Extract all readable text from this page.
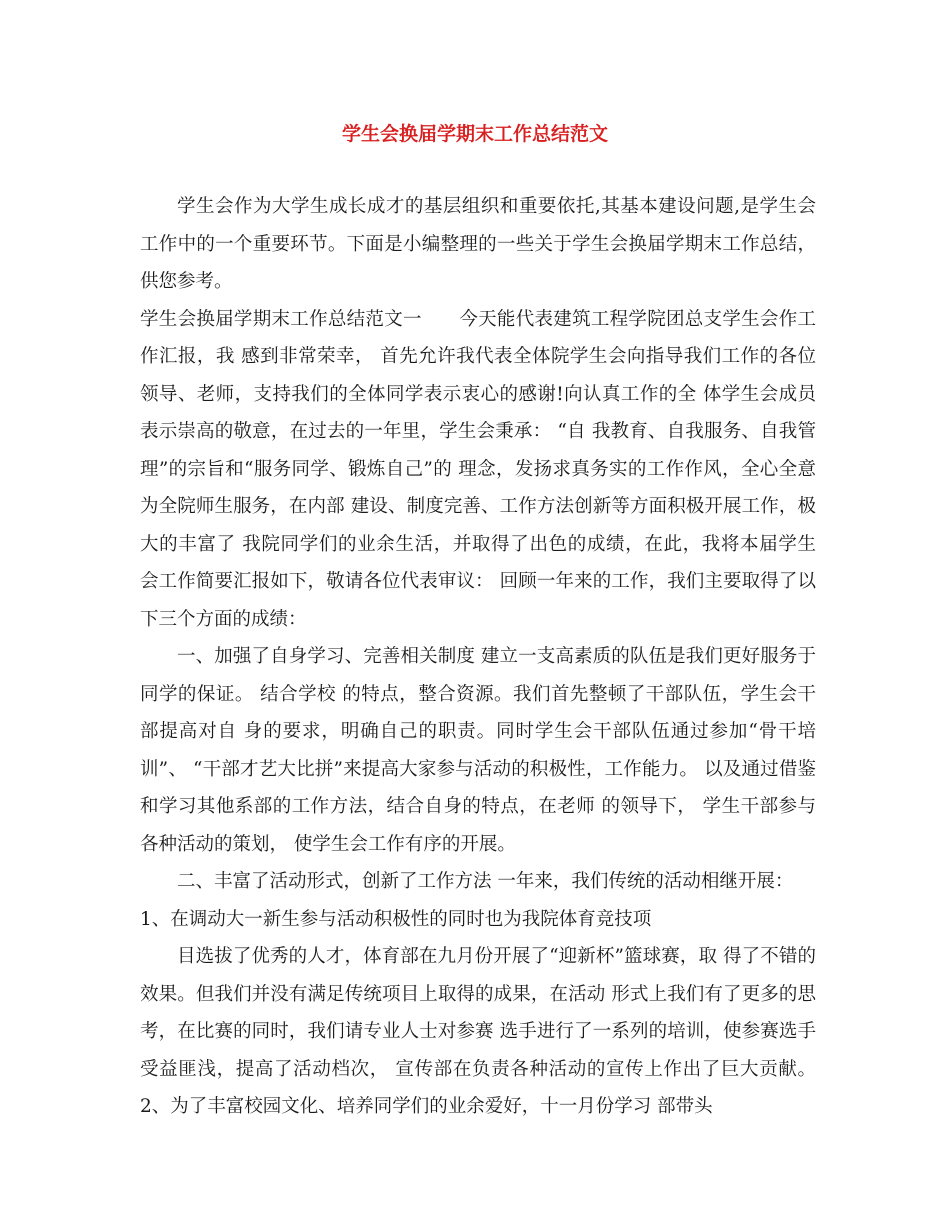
学生会换届学期末工作总结范文

学生会作为大学生成长成才的基层组织和重要依托,其基本建设问题,是学生会工作中的一个重要环节。下面是小编整理的一些关于学生会换届学期末工作总结，供您参考。

学生会换届学期末工作总结范文一　　今天能代表建筑工程学院团总支学生会作工作汇报，我 感到非常荣幸， 首先允许我代表全体院学生会向指导我们工作的各位领导、老师，支持我们的全体同学表示衷心的感谢!向认真工作的全 体学生会成员表示崇高的敬意，在过去的一年里，学生会秉承： “自 我教育、自我服务、自我管理”的宗旨和“服务同学、锻炼自己”的 理念，发扬求真务实的工作作风，全心全意为全院师生服务，在内部 建设、制度完善、工作方法创新等方面积极开展工作，极大的丰富了 我院同学们的业余生活，并取得了出色的成绩，在此，我将本届学生 会工作简要汇报如下，敬请各位代表审议： 回顾一年来的工作，我们主要取得了以下三个方面的成绩：

一、加强了自身学习、完善相关制度 建立一支高素质的队伍是我们更好服务于同学的保证。 结合学校 的特点，整合资源。我们首先整顿了干部队伍，学生会干部提高对自 身的要求，明确自己的职责。同时学生会干部队伍通过参加“骨干培 训”、 “干部才艺大比拼”来提高大家参与活动的积极性，工作能力。 以及通过借鉴和学习其他系部的工作方法，结合自身的特点，在老师 的领导下， 学生干部参与各种活动的策划， 使学生会工作有序的开展。

二、丰富了活动形式，创新了工作方法 一年来，我们传统的活动相继开展：

1、在调动大一新生参与活动积极性的同时也为我院体育竞技项

目选拔了优秀的人才，体育部在九月份开展了“迎新杯”篮球赛，取 得了不错的效果。但我们并没有满足传统项目上取得的成果，在活动 形式上我们有了更多的思考，在比赛的同时，我们请专业人士对参赛 选手进行了一系列的培训，使参赛选手受益匪浅，提高了活动档次， 宣传部在负责各种活动的宣传上作出了巨大贡献。 2、为了丰富校园文化、培养同学们的业余爱好，十一月份学习 部带头
